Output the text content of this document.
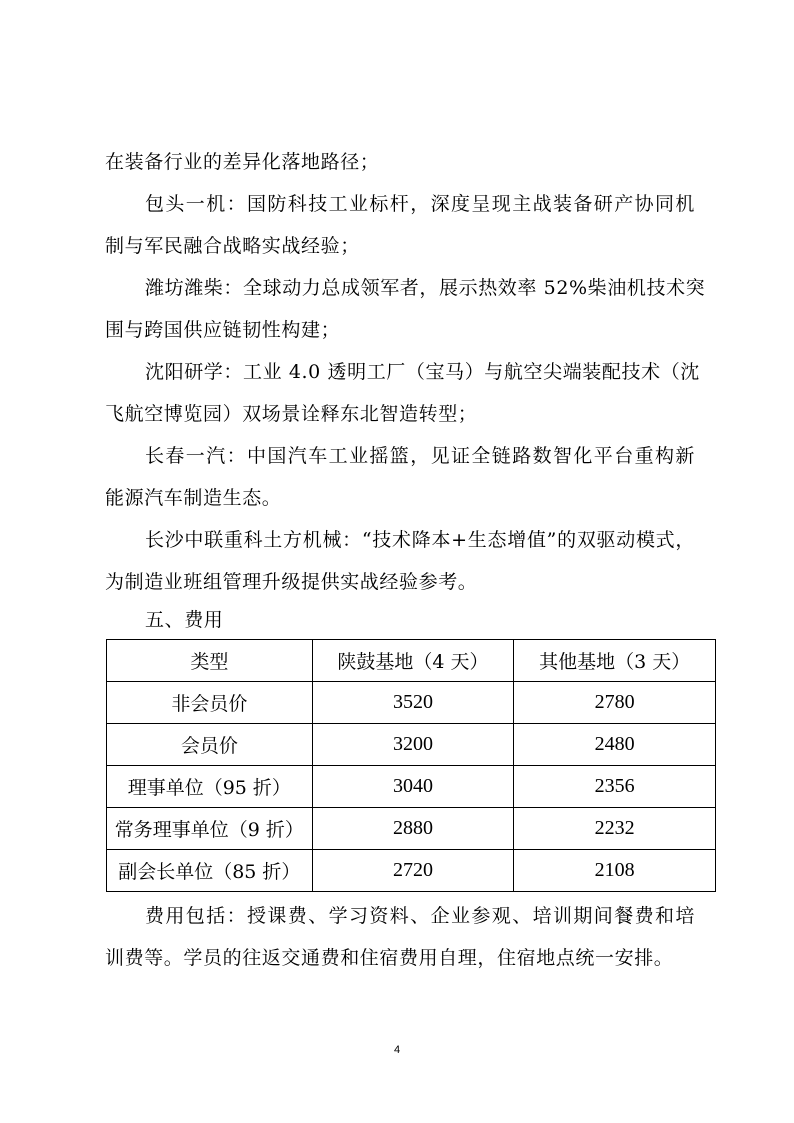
在装备行业的差异化落地路径；
包头一机：国防科技工业标杆，深度呈现主战装备研产协同机
制与军民融合战略实战经验；
潍坊潍柴：全球动力总成领军者，展示热效率 52%柴油机技术突
围与跨国供应链韧性构建；
沈阳研学：工业 4.0 透明工厂（宝马）与航空尖端装配技术（沈
飞航空博览园）双场景诠释东北智造转型；
长春一汽：中国汽车工业摇篮，见证全链路数智化平台重构新
能源汽车制造生态。
长沙中联重科土方机械：“技术降本+生态增值”的双驱动模式，
为制造业班组管理升级提供实战经验参考。
五、费用
类型	陕鼓基地（4 天）	其他基地（3 天）
非会员价	3520	2780
会员价	3200	2480
理事单位（95 折）	3040	2356
常务理事单位（9 折）	2880	2232
副会长单位（85 折）	2720	2108
费用包括：授课费、学习资料、企业参观、培训期间餐费和培
训费等。学员的往返交通费和住宿费用自理，住宿地点统一安排。
4
